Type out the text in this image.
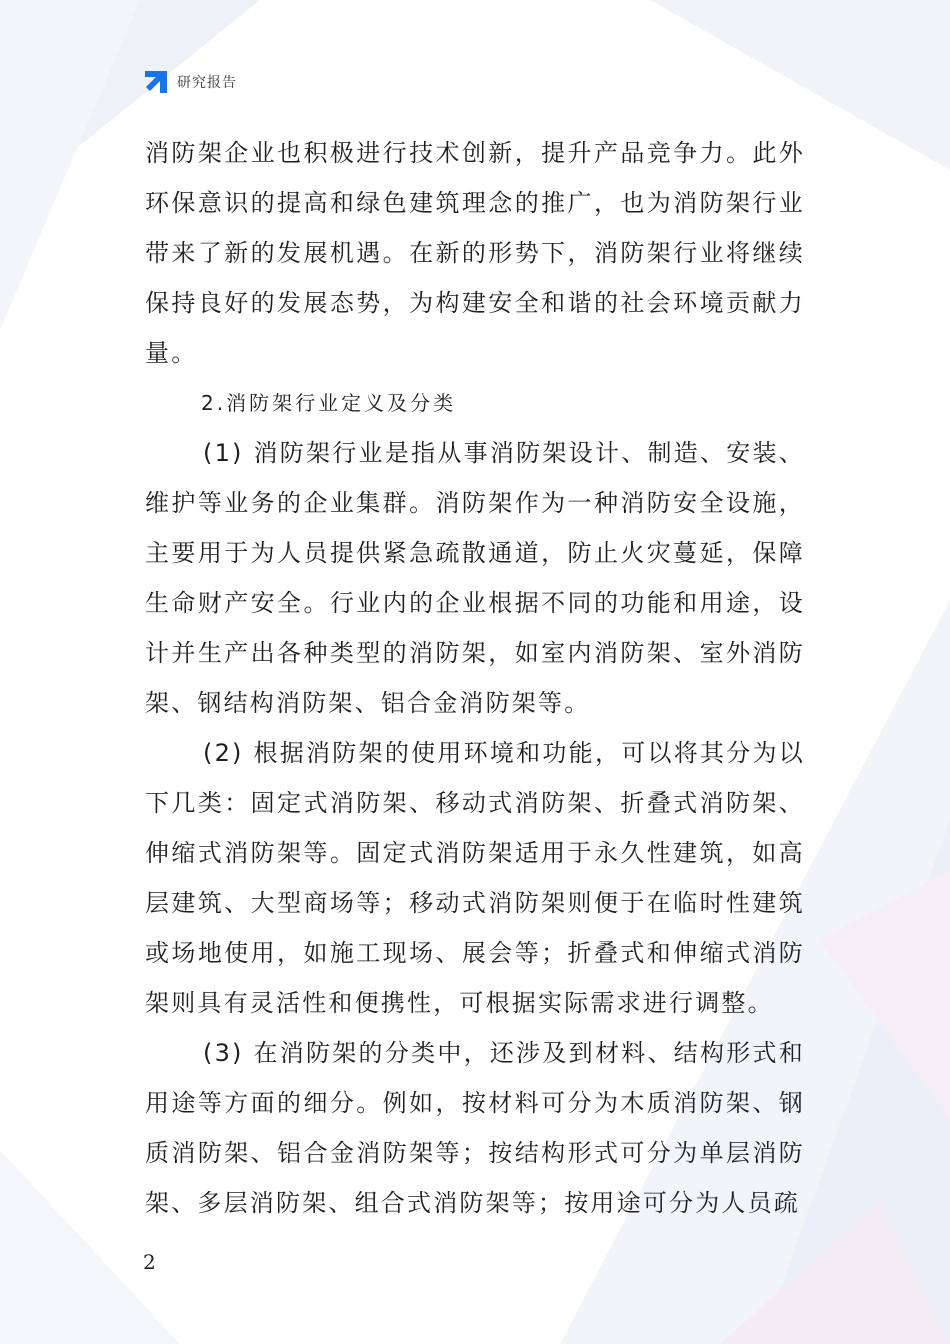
研究报告

消防架企业也积极进行技术创新，提升产品竞争力。此外环保意识的提高和绿色建筑理念的推广，也为消防架行业带来了新的发展机遇。在新的形势下，消防架行业将继续保持良好的发展态势，为构建安全和谐的社会环境贡献力量。

2.消防架行业定义及分类

(1) 消防架行业是指从事消防架设计、制造、安装、维护等业务的企业集群。消防架作为一种消防安全设施，主要用于为人员提供紧急疏散通道，防止火灾蔓延，保障生命财产安全。行业内的企业根据不同的功能和用途，设计并生产出各种类型的消防架，如室内消防架、室外消防架、钢结构消防架、铝合金消防架等。

(2) 根据消防架的使用环境和功能，可以将其分为以下几类：固定式消防架、移动式消防架、折叠式消防架、伸缩式消防架等。固定式消防架适用于永久性建筑，如高层建筑、大型商场等；移动式消防架则便于在临时性建筑或场地使用，如施工现场、展会等；折叠式和伸缩式消防架则具有灵活性和便携性，可根据实际需求进行调整。

(3) 在消防架的分类中，还涉及到材料、结构形式和用途等方面的细分。例如，按材料可分为木质消防架、钢质消防架、铝合金消防架等；按结构形式可分为单层消防架、多层消防架、组合式消防架等；按用途可分为人员疏

2
